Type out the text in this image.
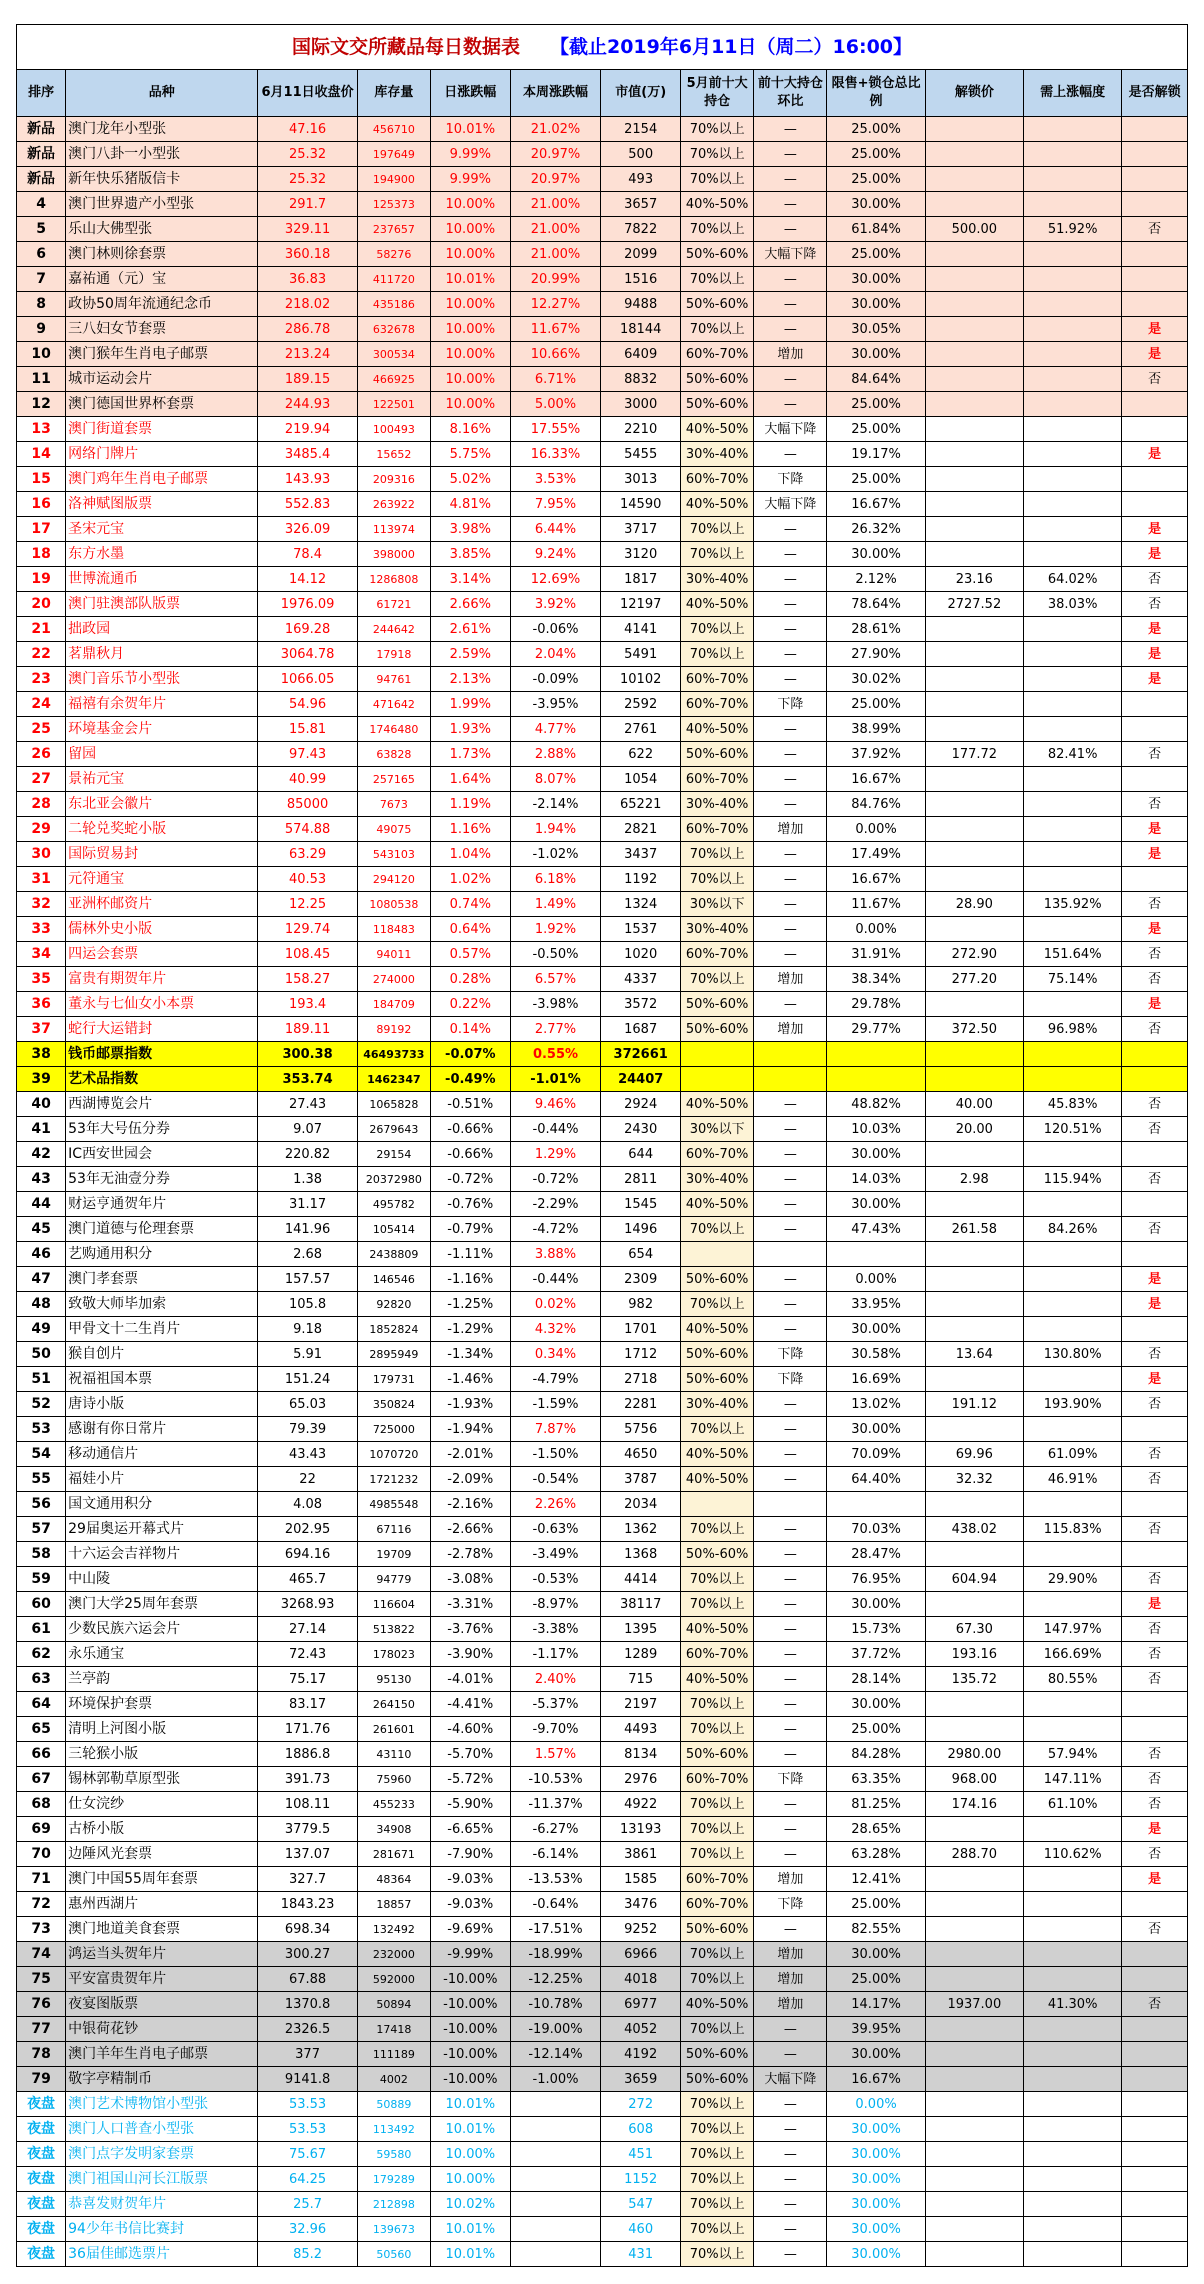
国际文交所藏品每日数据表 【截止2019年6月11日（周二）16:00】												
排序	品种	6月11日收盘价	库存量	日涨跌幅	本周涨跌幅	市值(万)	5月前十大持仓	前十大持仓环比	限售+锁仓总比例	解锁价	需上涨幅度	是否解锁
新品	澳门龙年小型张	47.16	456710	10.01%	21.02%	2154	70%以上	—	25.00%			
新品	澳门八卦一小型张	25.32	197649	9.99%	20.97%	500	70%以上	—	25.00%			
新品	新年快乐猪版信卡	25.32	194900	9.99%	20.97%	493	70%以上	—	25.00%			
4	澳门世界遗产小型张	291.7	125373	10.00%	21.00%	3657	40%-50%	—	30.00%			
5	乐山大佛型张	329.11	237657	10.00%	21.00%	7822	70%以上	—	61.84%	500.00	51.92%	否
6	澳门林则徐套票	360.18	58276	10.00%	21.00%	2099	50%-60%	大幅下降	25.00%			
7	嘉祐通（元）宝	36.83	411720	10.01%	20.99%	1516	70%以上	—	30.00%			
8	政协50周年流通纪念币	218.02	435186	10.00%	12.27%	9488	50%-60%	—	30.00%			
9	三八妇女节套票	286.78	632678	10.00%	11.67%	18144	70%以上	—	30.05%			是
10	澳门猴年生肖电子邮票	213.24	300534	10.00%	10.66%	6409	60%-70%	增加	30.00%			是
11	城市运动会片	189.15	466925	10.00%	6.71%	8832	50%-60%	—	84.64%			否
12	澳门德国世界杯套票	244.93	122501	10.00%	5.00%	3000	50%-60%	—	25.00%			
13	澳门街道套票	219.94	100493	8.16%	17.55%	2210	40%-50%	大幅下降	25.00%			
14	网络门牌片	3485.4	15652	5.75%	16.33%	5455	30%-40%	—	19.17%			是
15	澳门鸡年生肖电子邮票	143.93	209316	5.02%	3.53%	3013	60%-70%	下降	25.00%			
16	洛神赋图版票	552.83	263922	4.81%	7.95%	14590	40%-50%	大幅下降	16.67%			
17	圣宋元宝	326.09	113974	3.98%	6.44%	3717	70%以上	—	26.32%			是
18	东方水墨	78.4	398000	3.85%	9.24%	3120	70%以上	—	30.00%			是
19	世博流通币	14.12	1286808	3.14%	12.69%	1817	30%-40%	—	2.12%	23.16	64.02%	否
20	澳门驻澳部队版票	1976.09	61721	2.66%	3.92%	12197	40%-50%	—	78.64%	2727.52	38.03%	否
21	拙政园	169.28	244642	2.61%	-0.06%	4141	70%以上	—	28.61%			是
22	茗鼎秋月	3064.78	17918	2.59%	2.04%	5491	70%以上	—	27.90%			是
23	澳门音乐节小型张	1066.05	94761	2.13%	-0.09%	10102	60%-70%	—	30.02%			是
24	福禧有余贺年片	54.96	471642	1.99%	-3.95%	2592	60%-70%	下降	25.00%			
25	环境基金会片	15.81	1746480	1.93%	4.77%	2761	40%-50%	—	38.99%			
26	留园	97.43	63828	1.73%	2.88%	622	50%-60%	—	37.92%	177.72	82.41%	否
27	景祐元宝	40.99	257165	1.64%	8.07%	1054	60%-70%	—	16.67%			
28	东北亚会徽片	85000	7673	1.19%	-2.14%	65221	30%-40%	—	84.76%			否
29	二轮兑奖蛇小版	574.88	49075	1.16%	1.94%	2821	60%-70%	增加	0.00%			是
30	国际贸易封	63.29	543103	1.04%	-1.02%	3437	70%以上	—	17.49%			是
31	元符通宝	40.53	294120	1.02%	6.18%	1192	70%以上	—	16.67%			
32	亚洲杯邮资片	12.25	1080538	0.74%	1.49%	1324	30%以下	—	11.67%	28.90	135.92%	否
33	儒林外史小版	129.74	118483	0.64%	1.92%	1537	30%-40%	—	0.00%			是
34	四运会套票	108.45	94011	0.57%	-0.50%	1020	60%-70%	—	31.91%	272.90	151.64%	否
35	富贵有期贺年片	158.27	274000	0.28%	6.57%	4337	70%以上	增加	38.34%	277.20	75.14%	否
36	董永与七仙女小本票	193.4	184709	0.22%	-3.98%	3572	50%-60%	—	29.78%			是
37	蛇行大运错封	189.11	89192	0.14%	2.77%	1687	50%-60%	增加	29.77%	372.50	96.98%	否
38	钱币邮票指数	300.38	46493733	-0.07%	0.55%	372661						
39	艺术品指数	353.74	1462347	-0.49%	-1.01%	24407						
40	西湖博览会片	27.43	1065828	-0.51%	9.46%	2924	40%-50%	—	48.82%	40.00	45.83%	否
41	53年大号伍分券	9.07	2679643	-0.66%	-0.44%	2430	30%以下	—	10.03%	20.00	120.51%	否
42	IC西安世园会	220.82	29154	-0.66%	1.29%	644	60%-70%	—	30.00%			
43	53年无油壹分券	1.38	20372980	-0.72%	-0.72%	2811	30%-40%	—	14.03%	2.98	115.94%	否
44	财运亨通贺年片	31.17	495782	-0.76%	-2.29%	1545	40%-50%	—	30.00%			
45	澳门道德与伦理套票	141.96	105414	-0.79%	-4.72%	1496	70%以上	—	47.43%	261.58	84.26%	否
46	艺购通用积分	2.68	2438809	-1.11%	3.88%	654						
47	澳门孝套票	157.57	146546	-1.16%	-0.44%	2309	50%-60%	—	0.00%			是
48	致敬大师毕加索	105.8	92820	-1.25%	0.02%	982	70%以上	—	33.95%			是
49	甲骨文十二生肖片	9.18	1852824	-1.29%	4.32%	1701	40%-50%	—	30.00%			
50	猴自创片	5.91	2895949	-1.34%	0.34%	1712	50%-60%	下降	30.58%	13.64	130.80%	否
51	祝福祖国本票	151.24	179731	-1.46%	-4.79%	2718	50%-60%	下降	16.69%			是
52	唐诗小版	65.03	350824	-1.93%	-1.59%	2281	30%-40%	—	13.02%	191.12	193.90%	否
53	感谢有你日常片	79.39	725000	-1.94%	7.87%	5756	70%以上	—	30.00%			
54	移动通信片	43.43	1070720	-2.01%	-1.50%	4650	40%-50%	—	70.09%	69.96	61.09%	否
55	福娃小片	22	1721232	-2.09%	-0.54%	3787	40%-50%	—	64.40%	32.32	46.91%	否
56	国文通用积分	4.08	4985548	-2.16%	2.26%	2034						
57	29届奥运开幕式片	202.95	67116	-2.66%	-0.63%	1362	70%以上	—	70.03%	438.02	115.83%	否
58	十六运会吉祥物片	694.16	19709	-2.78%	-3.49%	1368	50%-60%	—	28.47%			
59	中山陵	465.7	94779	-3.08%	-0.53%	4414	70%以上	—	76.95%	604.94	29.90%	否
60	澳门大学25周年套票	3268.93	116604	-3.31%	-8.97%	38117	70%以上	—	30.00%			是
61	少数民族六运会片	27.14	513822	-3.76%	-3.38%	1395	40%-50%	—	15.73%	67.30	147.97%	否
62	永乐通宝	72.43	178023	-3.90%	-1.17%	1289	60%-70%	—	37.72%	193.16	166.69%	否
63	兰亭韵	75.17	95130	-4.01%	2.40%	715	40%-50%	—	28.14%	135.72	80.55%	否
64	环境保护套票	83.17	264150	-4.41%	-5.37%	2197	70%以上	—	30.00%			
65	清明上河图小版	171.76	261601	-4.60%	-9.70%	4493	70%以上	—	25.00%			
66	三轮猴小版	1886.8	43110	-5.70%	1.57%	8134	50%-60%	—	84.28%	2980.00	57.94%	否
67	锡林郭勒草原型张	391.73	75960	-5.72%	-10.53%	2976	60%-70%	下降	63.35%	968.00	147.11%	否
68	仕女浣纱	108.11	455233	-5.90%	-11.37%	4922	70%以上	—	81.25%	174.16	61.10%	否
69	古桥小版	3779.5	34908	-6.65%	-6.27%	13193	70%以上	—	28.65%			是
70	边陲风光套票	137.07	281671	-7.90%	-6.14%	3861	70%以上	—	63.28%	288.70	110.62%	否
71	澳门中国55周年套票	327.7	48364	-9.03%	-13.53%	1585	60%-70%	增加	12.41%			是
72	惠州西湖片	1843.23	18857	-9.03%	-0.64%	3476	60%-70%	下降	25.00%			
73	澳门地道美食套票	698.34	132492	-9.69%	-17.51%	9252	50%-60%	—	82.55%			否
74	鸿运当头贺年片	300.27	232000	-9.99%	-18.99%	6966	70%以上	增加	30.00%			
75	平安富贵贺年片	67.88	592000	-10.00%	-12.25%	4018	70%以上	增加	25.00%			
76	夜宴图版票	1370.8	50894	-10.00%	-10.78%	6977	40%-50%	增加	14.17%	1937.00	41.30%	否
77	中银荷花钞	2326.5	17418	-10.00%	-19.00%	4052	70%以上	—	39.95%			
78	澳门羊年生肖电子邮票	377	111189	-10.00%	-12.14%	4192	50%-60%	—	30.00%			
79	敬字亭精制币	9141.8	4002	-10.00%	-1.00%	3659	50%-60%	大幅下降	16.67%			
夜盘	澳门艺术博物馆小型张	53.53	50889	10.01%		272	70%以上	—	0.00%			
夜盘	澳门人口普查小型张	53.53	113492	10.01%		608	70%以上	—	30.00%			
夜盘	澳门点字发明家套票	75.67	59580	10.00%		451	70%以上	—	30.00%			
夜盘	澳门祖国山河长江版票	64.25	179289	10.00%		1152	70%以上	—	30.00%			
夜盘	恭喜发财贺年片	25.7	212898	10.02%		547	70%以上	—	30.00%			
夜盘	94少年书信比赛封	32.96	139673	10.01%		460	70%以上	—	30.00%			
夜盘	36届佳邮选票片	85.2	50560	10.01%		431	70%以上	—	30.00%			
